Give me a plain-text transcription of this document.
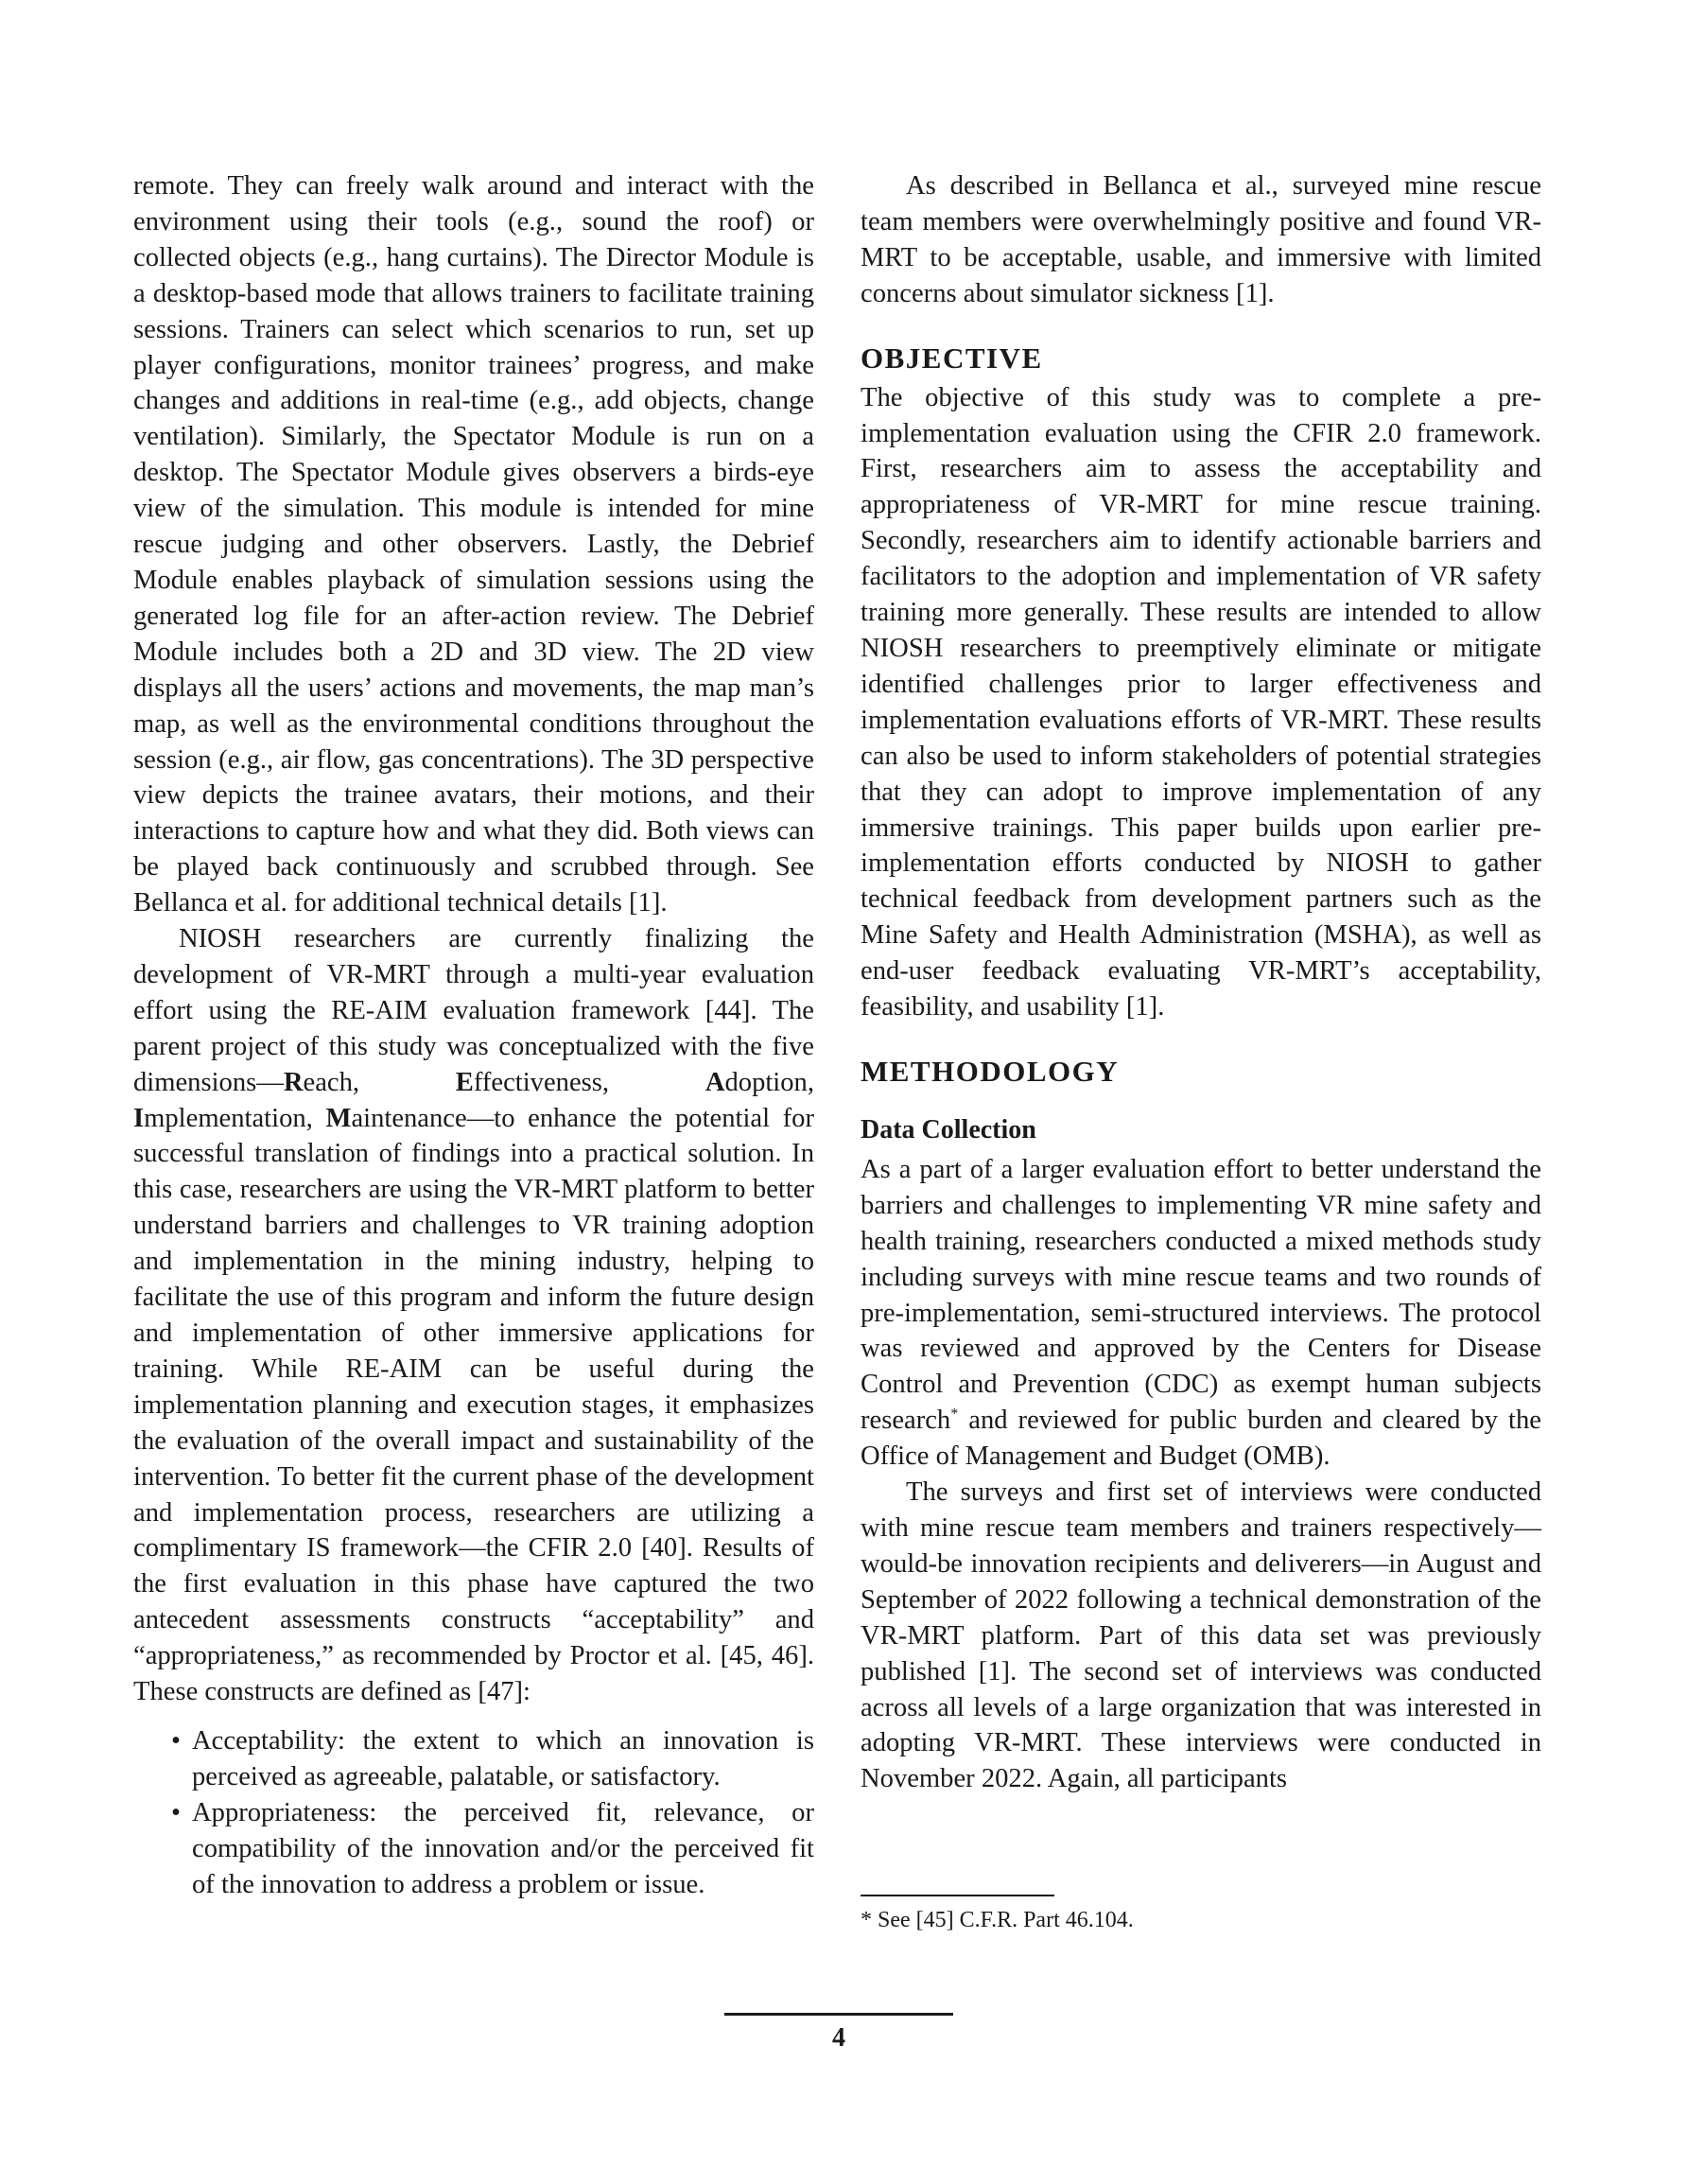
remote. They can freely walk around and interact with the environment using their tools (e.g., sound the roof) or collected objects (e.g., hang curtains). The Director Module is a desktop-based mode that allows trainers to facilitate training sessions. Trainers can select which scenarios to run, set up player configurations, monitor trainees’ progress, and make changes and additions in real-time (e.g., add objects, change ventilation). Similarly, the Spectator Module is run on a desktop. The Spectator Module gives observers a birds-eye view of the simulation. This module is intended for mine rescue judging and other observers. Lastly, the Debrief Module enables playback of simulation sessions using the generated log file for an after-action review. The Debrief Module includes both a 2D and 3D view. The 2D view displays all the users’ actions and movements, the map man’s map, as well as the environmental conditions throughout the session (e.g., air flow, gas concentrations). The 3D perspective view depicts the trainee avatars, their motions, and their interactions to capture how and what they did. Both views can be played back continuously and scrubbed through. See Bellanca et al. for additional technical details [1].

NIOSH researchers are currently finalizing the development of VR-MRT through a multi-year evaluation effort using the RE-AIM evaluation framework [44]. The parent project of this study was conceptualized with the five dimensions—Reach, Effectiveness, Adoption, Implementation, Maintenance—to enhance the potential for successful translation of findings into a practical solution. In this case, researchers are using the VR-MRT platform to better understand barriers and challenges to VR training adoption and implementation in the mining industry, helping to facilitate the use of this program and inform the future design and implementation of other immersive applications for training. While RE-AIM can be useful during the implementation planning and execution stages, it emphasizes the evaluation of the overall impact and sustainability of the intervention. To better fit the current phase of the development and implementation process, researchers are utilizing a complimentary IS framework—the CFIR 2.0 [40]. Results of the first evaluation in this phase have captured the two antecedent assessments constructs “acceptability” and “appropriateness,” as recommended by Proctor et al. [45, 46]. These constructs are defined as [47]:

• Acceptability: the extent to which an innovation is perceived as agreeable, palatable, or satisfactory.
• Appropriateness: the perceived fit, relevance, or compatibility of the innovation and/or the perceived fit of the innovation to address a problem or issue.

As described in Bellanca et al., surveyed mine rescue team members were overwhelmingly positive and found VR-MRT to be acceptable, usable, and immersive with limited concerns about simulator sickness [1].

OBJECTIVE

The objective of this study was to complete a pre-implementation evaluation using the CFIR 2.0 framework. First, researchers aim to assess the acceptability and appropriateness of VR-MRT for mine rescue training. Secondly, researchers aim to identify actionable barriers and facilitators to the adoption and implementation of VR safety training more generally. These results are intended to allow NIOSH researchers to preemptively eliminate or mitigate identified challenges prior to larger effectiveness and implementation evaluations efforts of VR-MRT. These results can also be used to inform stakeholders of potential strategies that they can adopt to improve implementation of any immersive trainings. This paper builds upon earlier pre-implementation efforts conducted by NIOSH to gather technical feedback from development partners such as the Mine Safety and Health Administration (MSHA), as well as end-user feedback evaluating VR-MRT’s acceptability, feasibility, and usability [1].

METHODOLOGY
Data Collection

As a part of a larger evaluation effort to better understand the barriers and challenges to implementing VR mine safety and health training, researchers conducted a mixed methods study including surveys with mine rescue teams and two rounds of pre-implementation, semi-structured interviews. The protocol was reviewed and approved by the Centers for Disease Control and Prevention (CDC) as exempt human subjects research* and reviewed for public burden and cleared by the Office of Management and Budget (OMB).

The surveys and first set of interviews were conducted with mine rescue team members and trainers respectively—would-be innovation recipients and deliverers—in August and September of 2022 following a technical demonstration of the VR-MRT platform. Part of this data set was previously published [1]. The second set of interviews was conducted across all levels of a large organization that was interested in adopting VR-MRT. These interviews were conducted in November 2022. Again, all participants

* See [45] C.F.R. Part 46.104.
4
